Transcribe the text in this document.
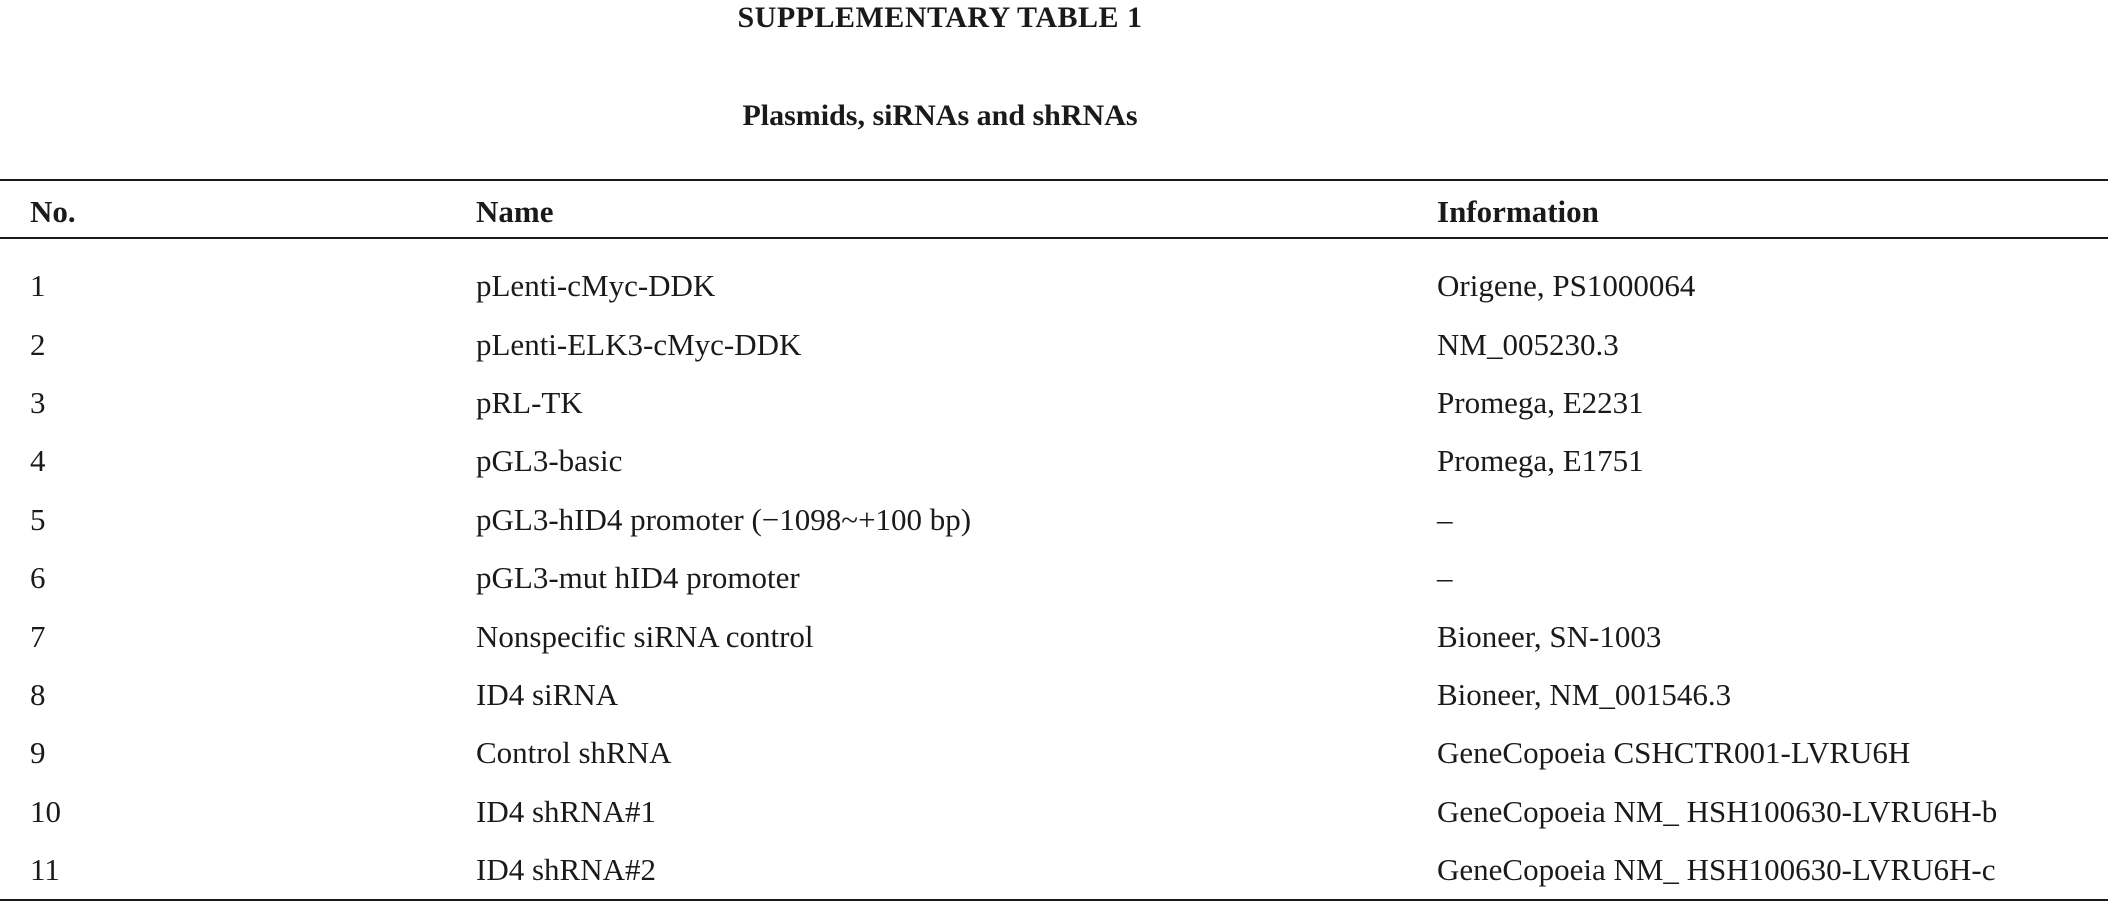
SUPPLEMENTARY TABLE 1
Plasmids, siRNAs and shRNAs
No.	Name	Information
1	pLenti-cMyc-DDK	Origene, PS1000064
2	pLenti-ELK3-cMyc-DDK	NM_005230.3
3	pRL-TK	Promega, E2231
4	pGL3-basic	Promega, E1751
5	pGL3-hID4 promoter (−1098~+100 bp)	–
6	pGL3-mut hID4 promoter	–
7	Nonspecific siRNA control	Bioneer, SN-1003
8	ID4 siRNA	Bioneer, NM_001546.3
9	Control shRNA	GeneCopoeia CSHCTR001-LVRU6H
10	ID4 shRNA#1	GeneCopoeia NM_ HSH100630-LVRU6H-b
11	ID4 shRNA#2	GeneCopoeia NM_ HSH100630-LVRU6H-c
